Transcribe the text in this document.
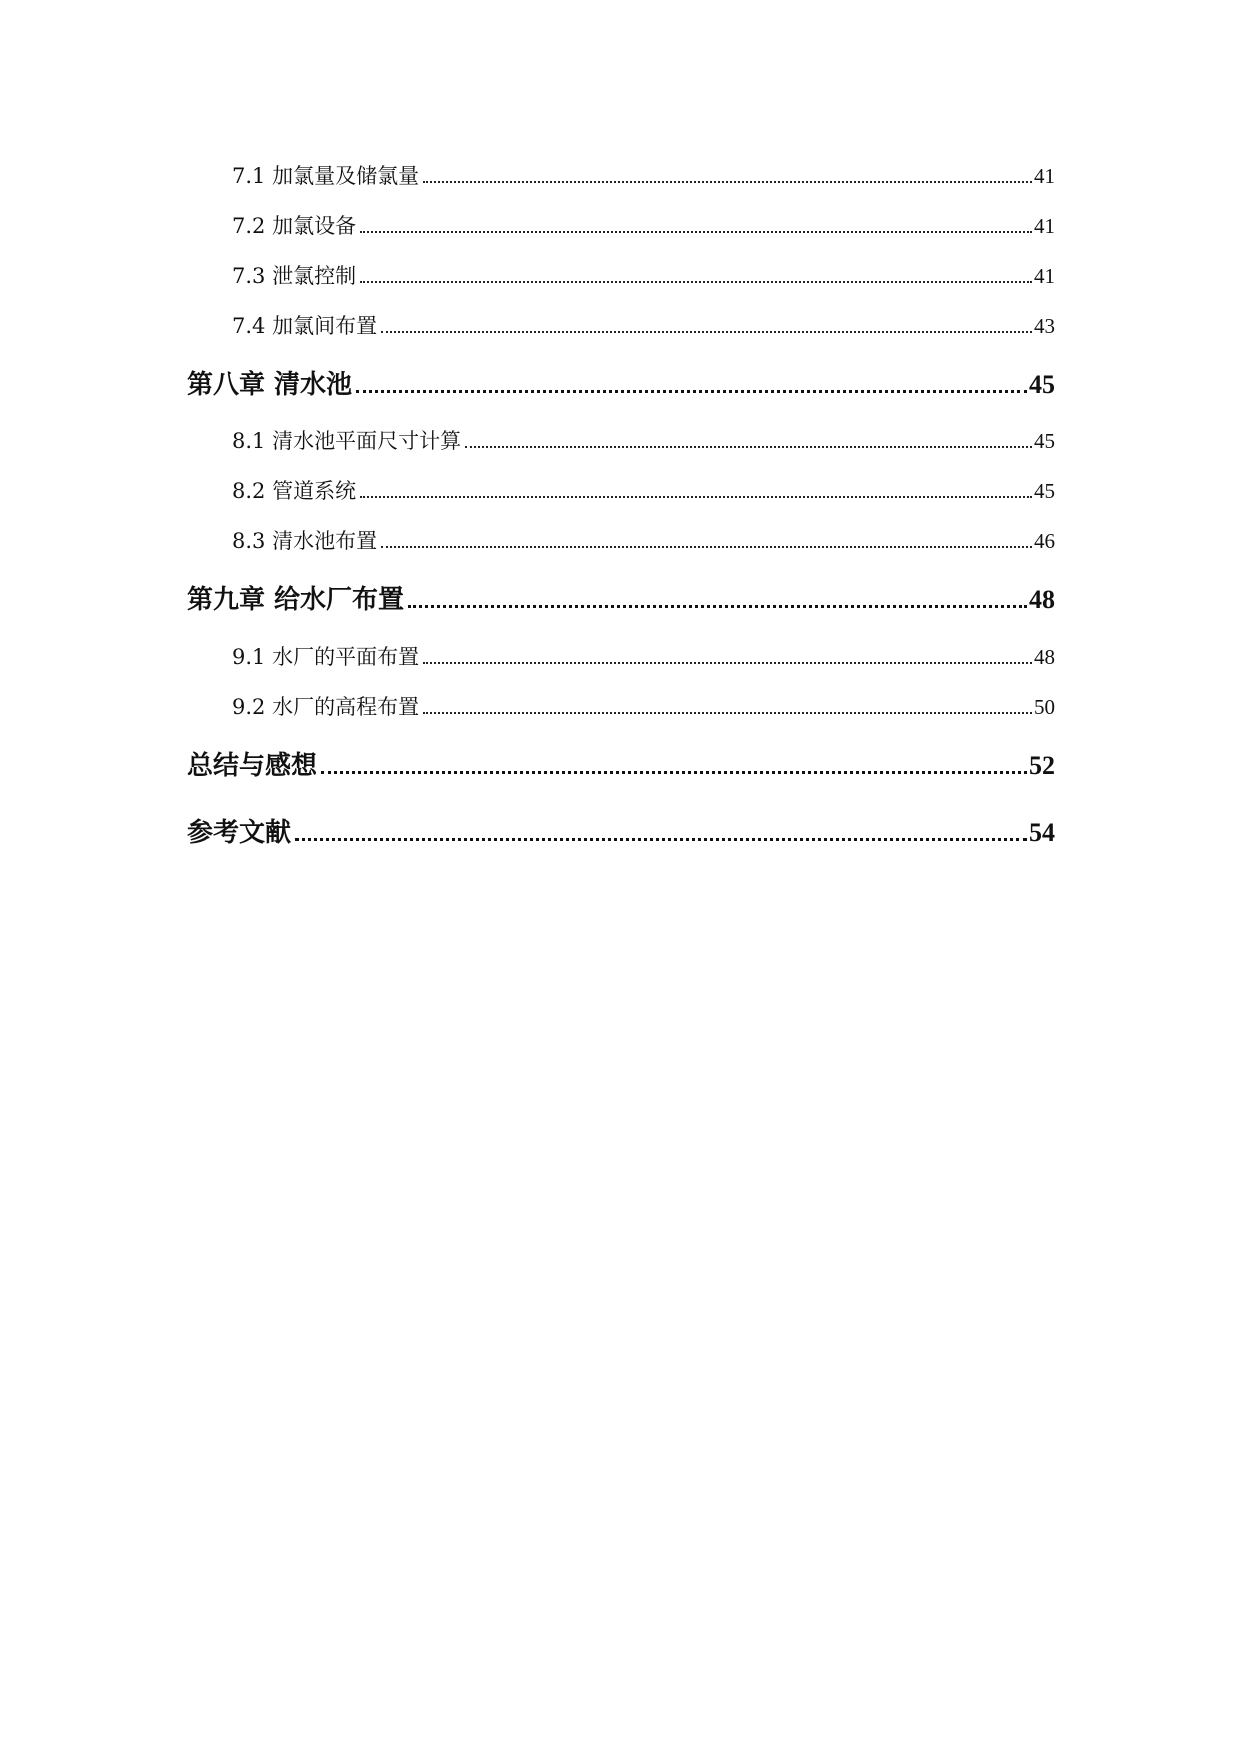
7.1 加氯量及储氯量	41
7.2 加氯设备	41
7.3 泄氯控制	41
7.4 加氯间布置	43
第八章 清水池	45
8.1 清水池平面尺寸计算	45
8.2 管道系统	45
8.3 清水池布置	46
第九章 给水厂布置	48
9.1 水厂的平面布置	48
9.2 水厂的高程布置	50
总结与感想	52
参考文献	54
